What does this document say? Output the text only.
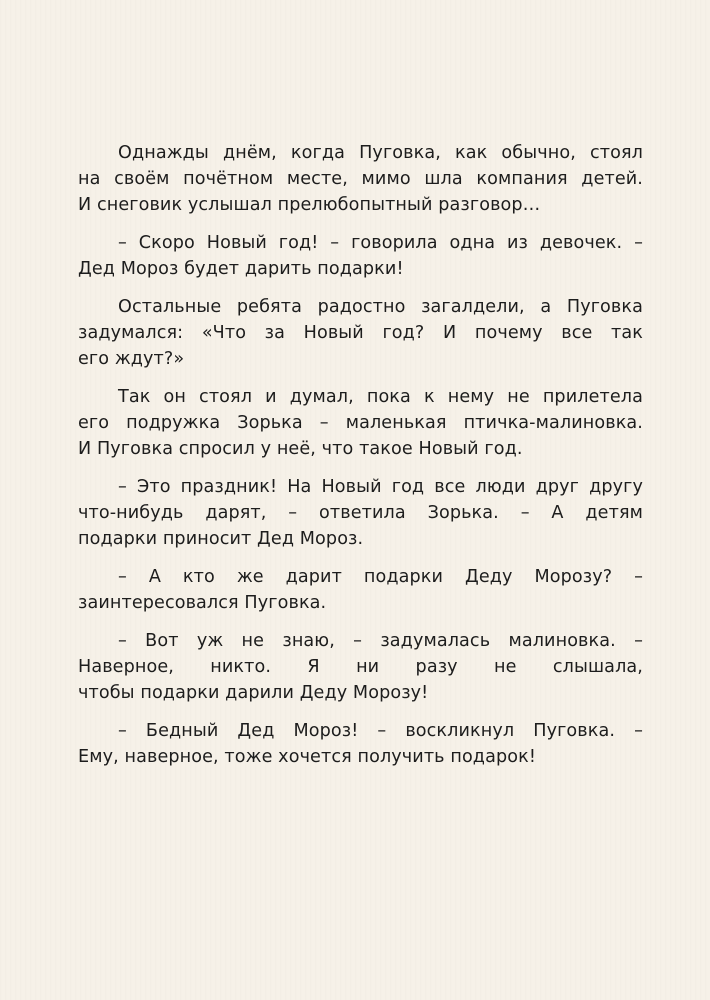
Однажды днём, когда Пуговка, как обычно, стоял
на своём почётном месте, мимо шла компания детей.
И снеговик услышал прелюбопытный разговор…

– Скоро Новый год! – говорила одна из девочек. –
Дед Мороз будет дарить подарки!

Остальные ребята радостно загалдели, а Пуговка
задумался: «Что за Новый год? И почему все так
его ждут?»

Так он стоял и думал, пока к нему не прилетела
его подружка Зорька – маленькая птичка-малиновка.
И Пуговка спросил у неё, что такое Новый год.

– Это праздник! На Новый год все люди друг другу
что-нибудь дарят, – ответила Зорька. – А детям
подарки приносит Дед Мороз.

– А кто же дарит подарки Деду Морозу? –
заинтересовался Пуговка.

– Вот уж не знаю, – задумалась малиновка. –
Наверное, никто. Я ни разу не слышала,
чтобы подарки дарили Деду Морозу!

– Бедный Дед Мороз! – воскликнул Пуговка. –
Ему, наверное, тоже хочется получить подарок!
